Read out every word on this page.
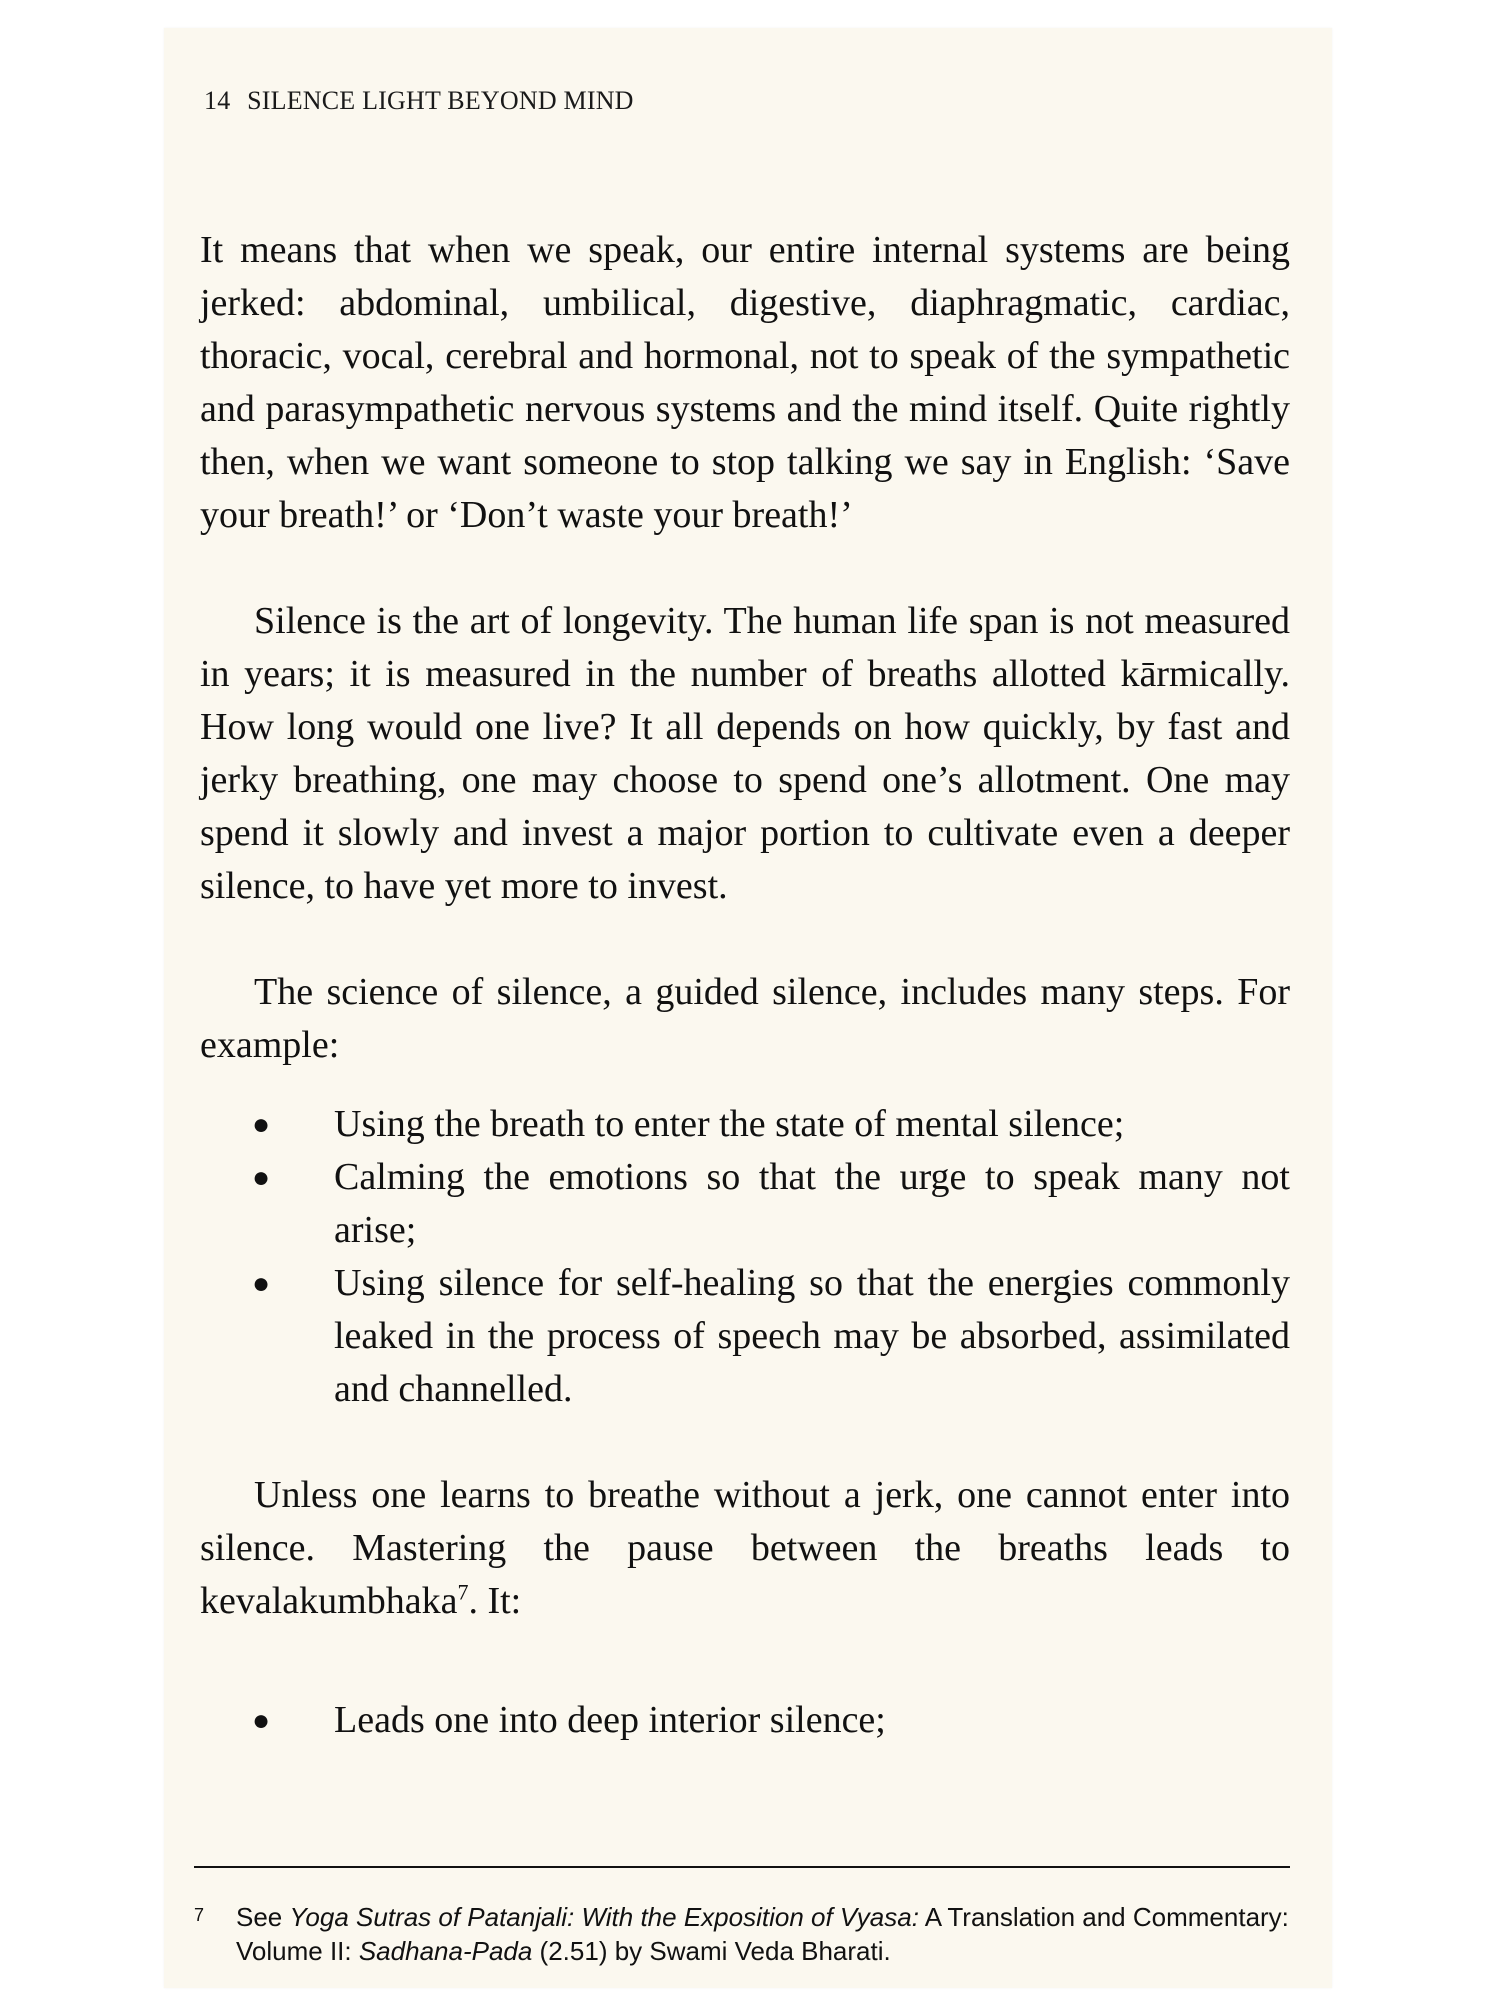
14 SILENCE LIGHT BEYOND MIND

It means that when we speak, our entire internal systems are being jerked: abdominal, umbilical, digestive, diaphragmatic, cardiac, thoracic, vocal, cerebral and hormonal, not to speak of the sympathetic and parasympathetic nervous systems and the mind itself. Quite rightly then, when we want someone to stop talking we say in English: ‘Save your breath!’ or ‘Don’t waste your breath!’

Silence is the art of longevity. The human life span is not measured in years; it is measured in the number of breaths allotted kārmically. How long would one live? It all depends on how quickly, by fast and jerky breathing, one may choose to spend one’s allotment. One may spend it slowly and invest a major portion to cultivate even a deeper silence, to have yet more to invest.

The science of silence, a guided silence, includes many steps. For example:

●	Using the breath to enter the state of mental silence;
●	Calming the emotions so that the urge to speak many not arise;
●	Using silence for self-healing so that the energies commonly leaked in the process of speech may be absorbed, assimilated and channelled.

Unless one learns to breathe without a jerk, one cannot enter into silence. Mastering the pause between the breaths leads to kevalakumbhaka$^7$. It:

●	Leads one into deep interior silence;
7 See Yoga Sutras of Patanjali: With the Exposition of Vyasa: A Translation and Commentary: Volume II: Sadhana-Pada (2.51) by Swami Veda Bharati.
